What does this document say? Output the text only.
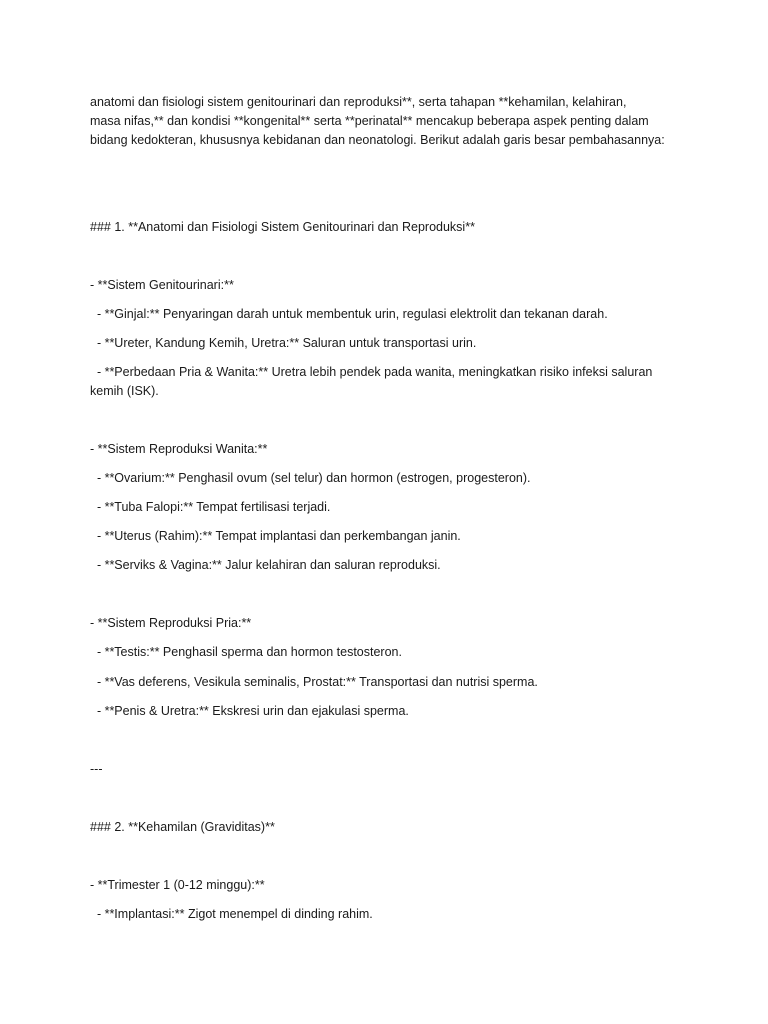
anatomi dan fisiologi sistem genitourinari dan reproduksi**, serta tahapan **kehamilan, kelahiran,

masa nifas,** dan kondisi **kongenital** serta **perinatal** mencakup beberapa aspek penting dalam

bidang kedokteran, khususnya kebidanan dan neonatologi. Berikut adalah garis besar pembahasannya:

### 1. **Anatomi dan Fisiologi Sistem Genitourinari dan Reproduksi**

- **Sistem Genitourinari:**

- **Ginjal:** Penyaringan darah untuk membentuk urin, regulasi elektrolit dan tekanan darah.

- **Ureter, Kandung Kemih, Uretra:** Saluran untuk transportasi urin.

- **Perbedaan Pria & Wanita:** Uretra lebih pendek pada wanita, meningkatkan risiko infeksi saluran

kemih (ISK).

- **Sistem Reproduksi Wanita:**

- **Ovarium:** Penghasil ovum (sel telur) dan hormon (estrogen, progesteron).

- **Tuba Falopi:** Tempat fertilisasi terjadi.

- **Uterus (Rahim):** Tempat implantasi dan perkembangan janin.

- **Serviks & Vagina:** Jalur kelahiran dan saluran reproduksi.

- **Sistem Reproduksi Pria:**

- **Testis:** Penghasil sperma dan hormon testosteron.

- **Vas deferens, Vesikula seminalis, Prostat:** Transportasi dan nutrisi sperma.

- **Penis & Uretra:** Ekskresi urin dan ejakulasi sperma.

---

### 2. **Kehamilan (Graviditas)**

- **Trimester 1 (0-12 minggu):**

- **Implantasi:** Zigot menempel di dinding rahim.
